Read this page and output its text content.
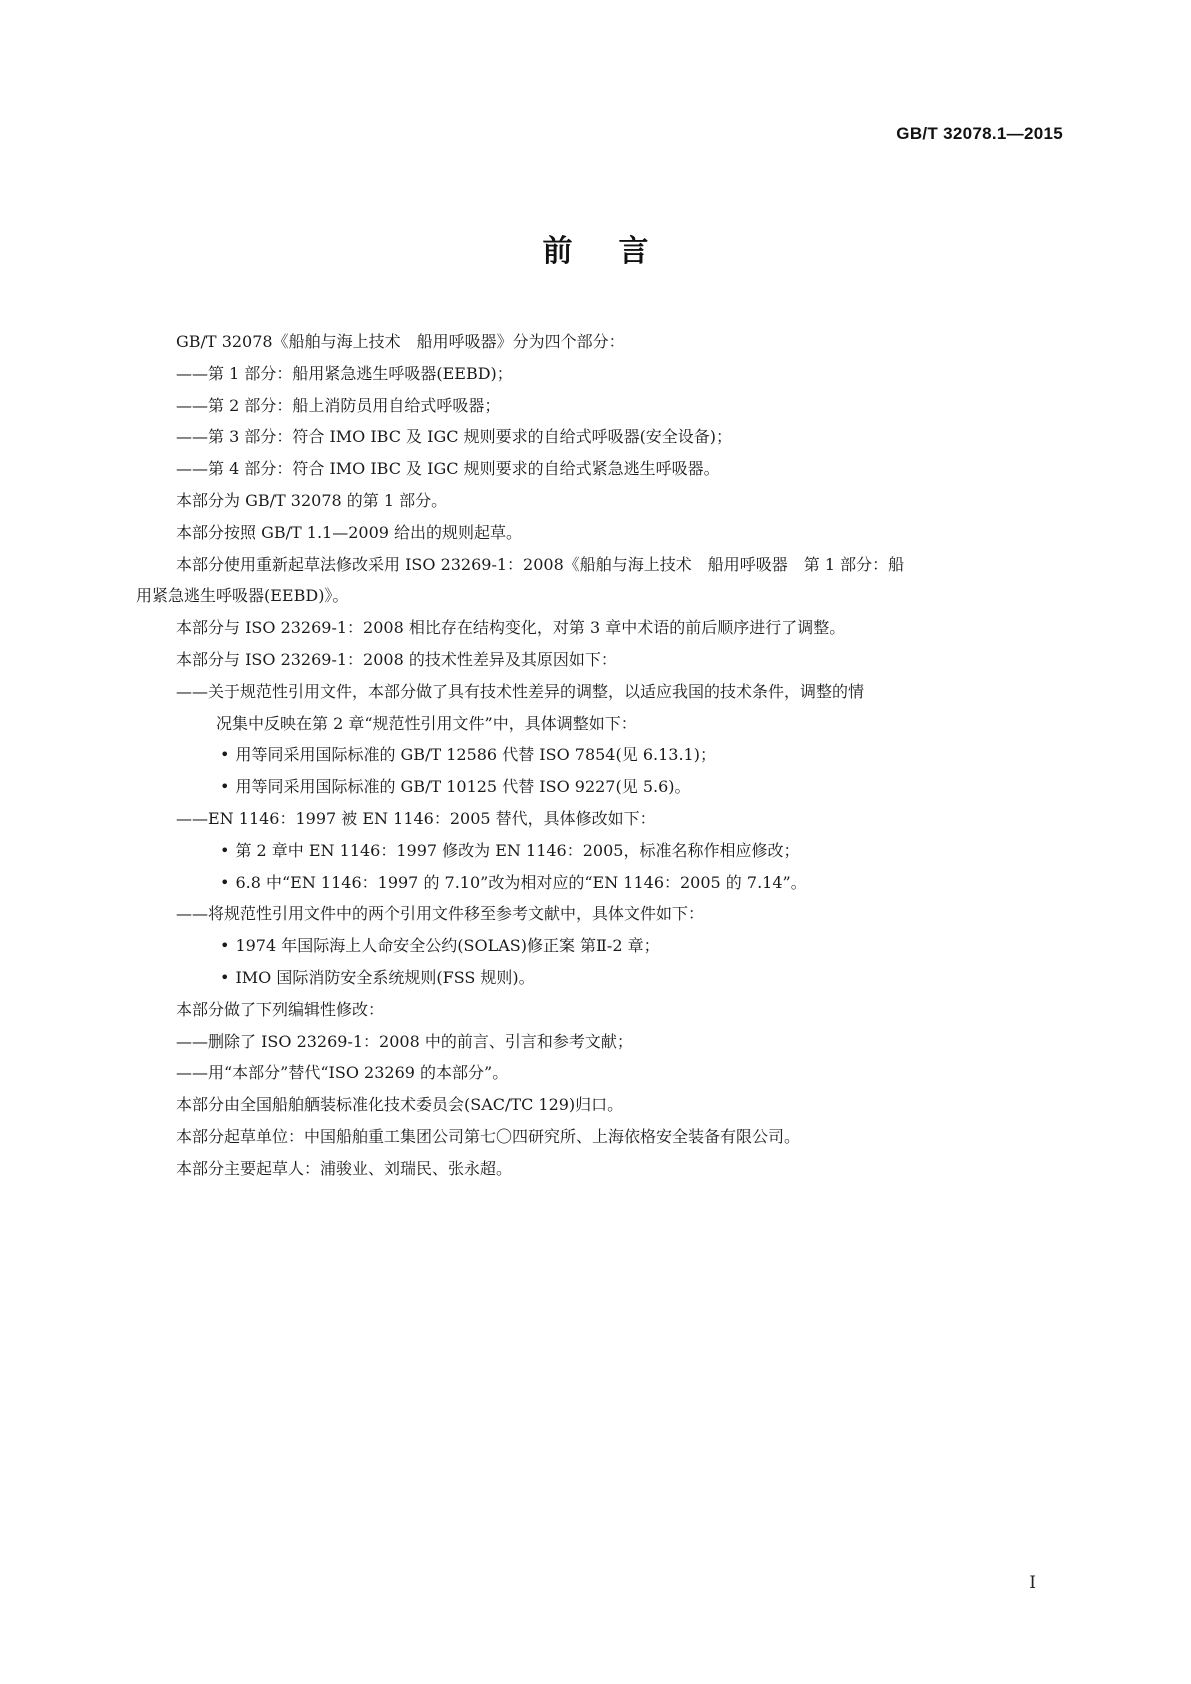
GB/T 32078.1—2015
前言
GB/T 32078《船舶与海上技术　船用呼吸器》分为四个部分：
——第 1 部分：船用紧急逃生呼吸器(EEBD)；
——第 2 部分：船上消防员用自给式呼吸器；
——第 3 部分：符合 IMO IBC 及 IGC 规则要求的自给式呼吸器(安全设备)；
——第 4 部分：符合 IMO IBC 及 IGC 规则要求的自给式紧急逃生呼吸器。
本部分为 GB/T 32078 的第 1 部分。
本部分按照 GB/T 1.1—2009 给出的规则起草。
本部分使用重新起草法修改采用 ISO 23269-1：2008《船舶与海上技术　船用呼吸器　第 1 部分：船
用紧急逃生呼吸器(EEBD)》。
本部分与 ISO 23269-1：2008 相比存在结构变化，对第 3 章中术语的前后顺序进行了调整。
本部分与 ISO 23269-1：2008 的技术性差异及其原因如下：
——关于规范性引用文件，本部分做了具有技术性差异的调整，以适应我国的技术条件，调整的情
况集中反映在第 2 章“规范性引用文件”中，具体调整如下：
• 用等同采用国际标准的 GB/T 12586 代替 ISO 7854(见 6.13.1)；
• 用等同采用国际标准的 GB/T 10125 代替 ISO 9227(见 5.6)。
——EN 1146：1997 被 EN 1146：2005 替代，具体修改如下：
• 第 2 章中 EN 1146：1997 修改为 EN 1146：2005，标准名称作相应修改；
• 6.8 中“EN 1146：1997 的 7.10”改为相对应的“EN 1146：2005 的 7.14”。
——将规范性引用文件中的两个引用文件移至参考文献中，具体文件如下：
• 1974 年国际海上人命安全公约(SOLAS)修正案 第Ⅱ-2 章；
• IMO 国际消防安全系统规则(FSS 规则)。
本部分做了下列编辑性修改：
——删除了 ISO 23269-1：2008 中的前言、引言和参考文献；
——用“本部分”替代“ISO 23269 的本部分”。
本部分由全国船舶舾装标准化技术委员会(SAC/TC 129)归口。
本部分起草单位：中国船舶重工集团公司第七〇四研究所、上海依格安全装备有限公司。
本部分主要起草人：浦骏业、刘瑞民、张永超。
I
